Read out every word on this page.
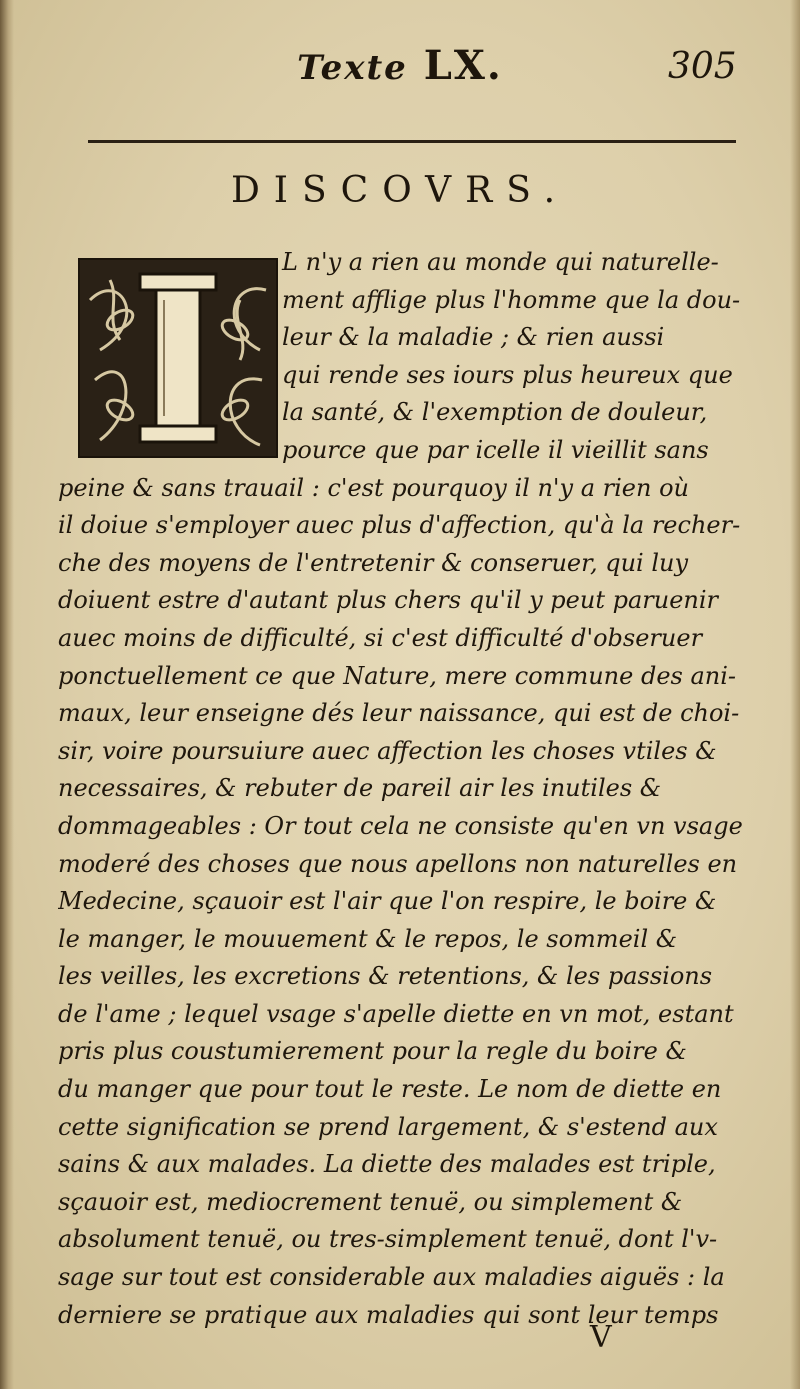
Texte LX.	305
DISCOVRS.
L n'y a rien au monde qui naturelle-
ment afflige plus l'homme que la dou-
leur & la maladie ; & rien aussi
qui rende ses iours plus heureux que
la santé, & l'exemption de douleur,
pource que par icelle il vieillit sans
peine & sans trauail : c'est pourquoy il n'y a rien où
il doiue s'employer auec plus d'affection, qu'à la recher-
che des moyens de l'entretenir & conseruer, qui luy
doiuent estre d'autant plus chers qu'il y peut paruenir
auec moins de difficulté, si c'est difficulté d'obseruer
ponctuellement ce que Nature, mere commune des ani-
maux, leur enseigne dés leur naissance, qui est de choi-
sir, voire poursuiure auec affection les choses vtiles &
necessaires, & rebuter de pareil air les inutiles &
dommageables : Or tout cela ne consiste qu'en vn vsage
moderé des choses que nous apellons non naturelles en
Medecine, sçauoir est l'air que l'on respire, le boire &
le manger, le mouuement & le repos, le sommeil &
les veilles, les excretions & retentions, & les passions
de l'ame ; lequel vsage s'apelle diette en vn mot, estant
pris plus coustumierement pour la regle du boire &
du manger que pour tout le reste. Le nom de diette en
cette signification se prend largement, & s'estend aux
sains & aux malades. La diette des malades est triple,
sçauoir est, mediocrement tenuë, ou simplement &
absolument tenuë, ou tres-simplement tenuë, dont l'v-
sage sur tout est considerable aux maladies aiguës : la
derniere se pratique aux maladies qui sont leur temps
V
